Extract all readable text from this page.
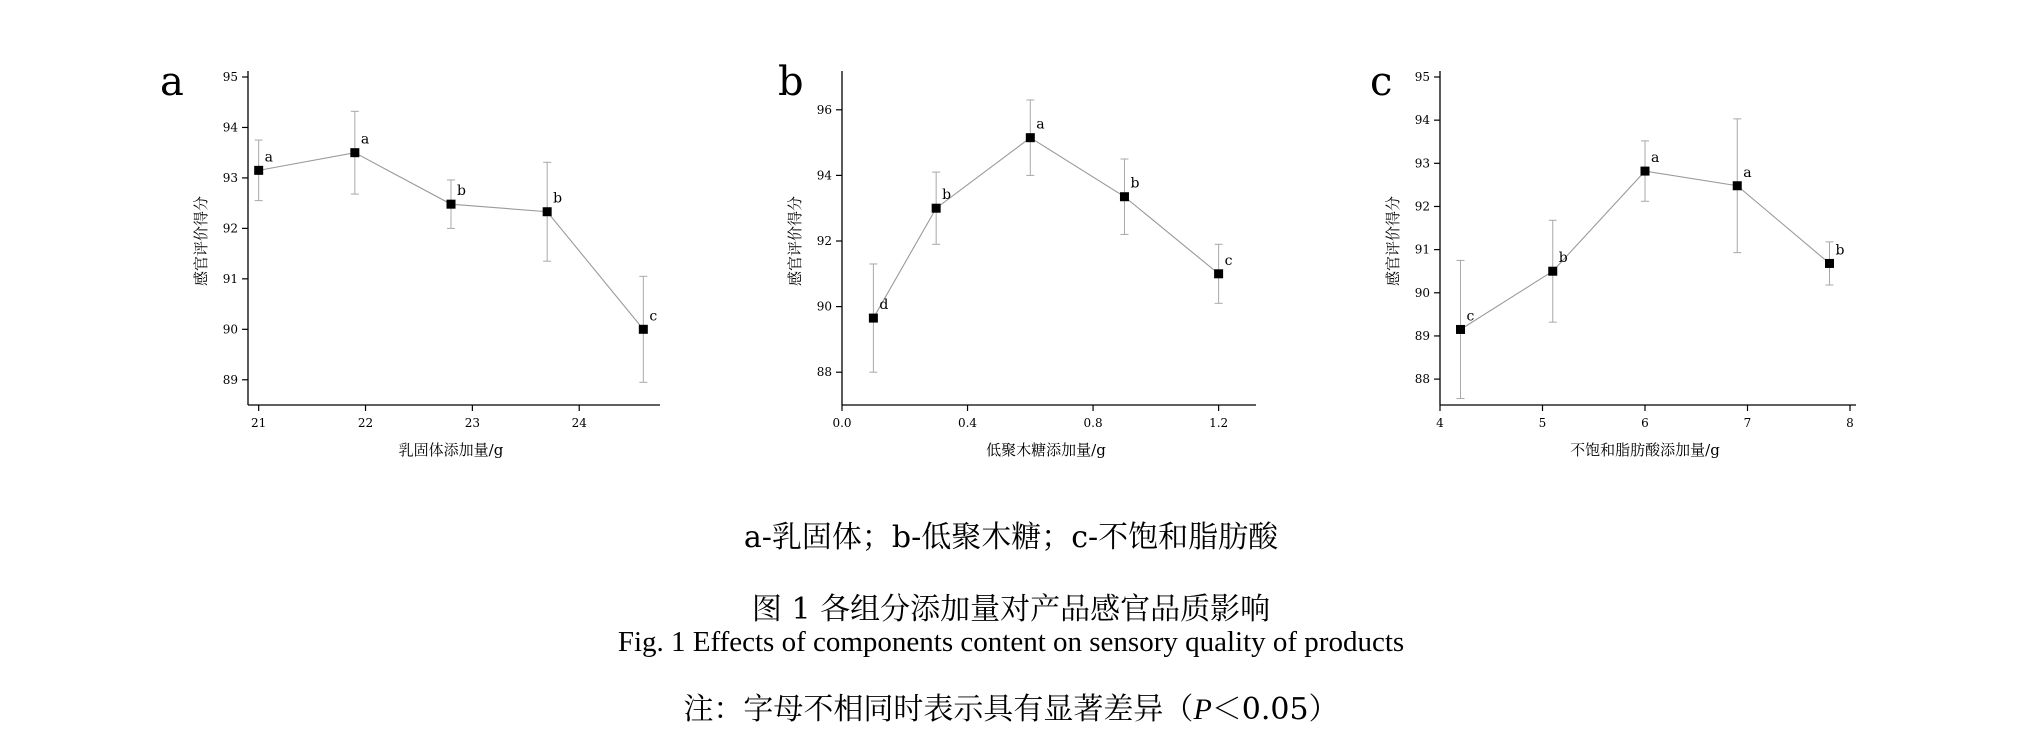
a
89
90
91
92
93
94
95
21	22	23	24
乳固体添加量/g
感官评价得分
a
a
b	b
c
b
88
90
92
94
96
0.0	0.4	0.8	1.2
低聚木糖添加量/g
感官评价得分
d
b
a
b
c
c
88
89
90
91
92
93
94
95
4	5	6	7	8
不饱和脂肪酸添加量/g
感官评价得分
c
b
a
a
b
a-乳固体；b-低聚木糖；c-不饱和脂肪酸
图 1 各组分添加量对产品感官品质影响
Fig. 1 Effects of components content on sensory quality of products
注：字母不相同时表示具有显著差异（P＜0.05）
